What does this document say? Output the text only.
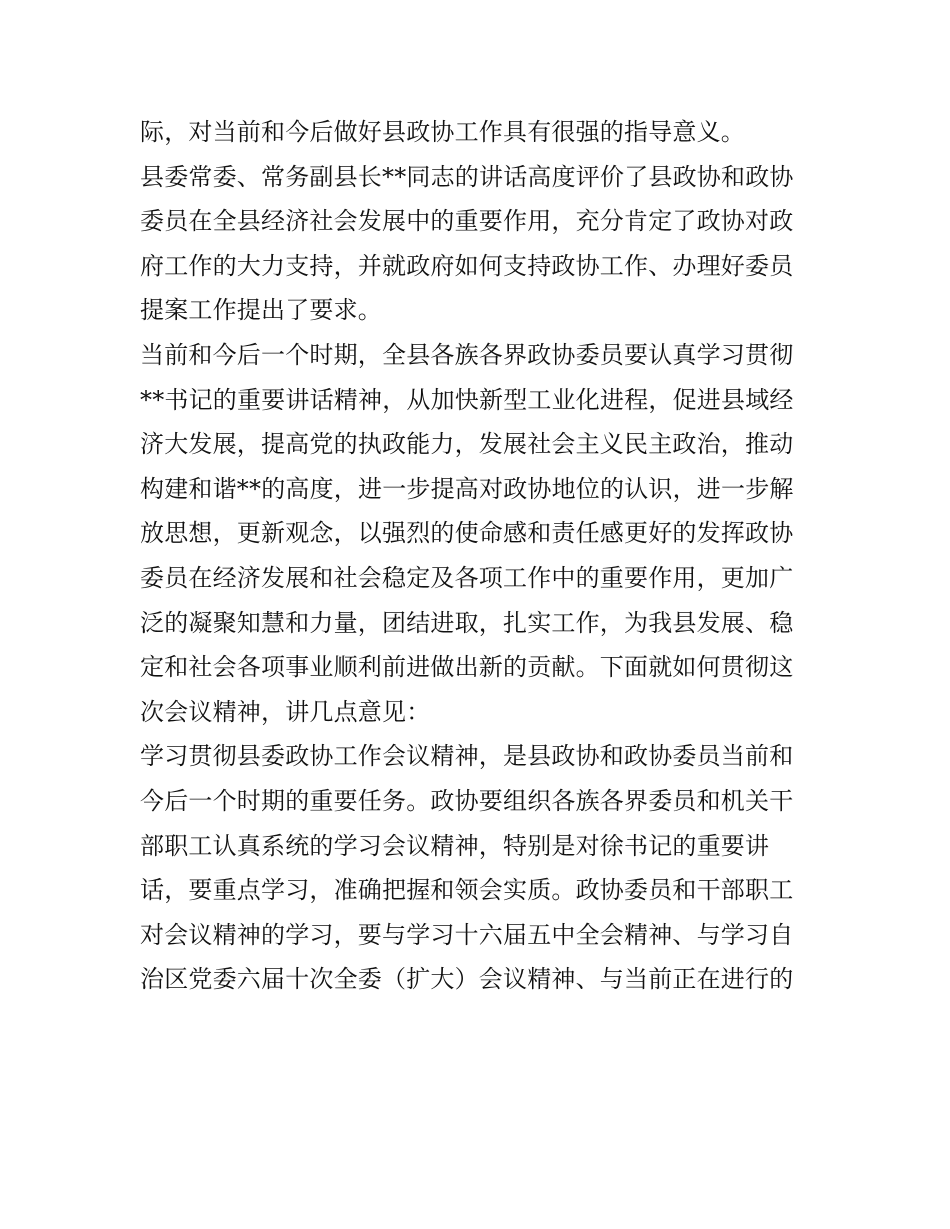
际，对当前和今后做好县政协工作具有很强的指导意义。
县委常委、常务副县长**同志的讲话高度评价了县政协和政协
委员在全县经济社会发展中的重要作用，充分肯定了政协对政
府工作的大力支持，并就政府如何支持政协工作、办理好委员
提案工作提出了要求。
当前和今后一个时期，全县各族各界政协委员要认真学习贯彻
**书记的重要讲话精神，从加快新型工业化进程，促进县域经
济大发展，提高党的执政能力，发展社会主义民主政治，推动
构建和谐**的高度，进一步提高对政协地位的认识，进一步解
放思想，更新观念，以强烈的使命感和责任感更好的发挥政协
委员在经济发展和社会稳定及各项工作中的重要作用，更加广
泛的凝聚知慧和力量，团结进取，扎实工作，为我县发展、稳
定和社会各项事业顺利前进做出新的贡献。下面就如何贯彻这
次会议精神，讲几点意见：
学习贯彻县委政协工作会议精神，是县政协和政协委员当前和
今后一个时期的重要任务。政协要组织各族各界委员和机关干
部职工认真系统的学习会议精神，特别是对徐书记的重要讲
话，要重点学习，准确把握和领会实质。政协委员和干部职工
对会议精神的学习，要与学习十六届五中全会精神、与学习自
治区党委六届十次全委（扩大）会议精神、与当前正在进行的
